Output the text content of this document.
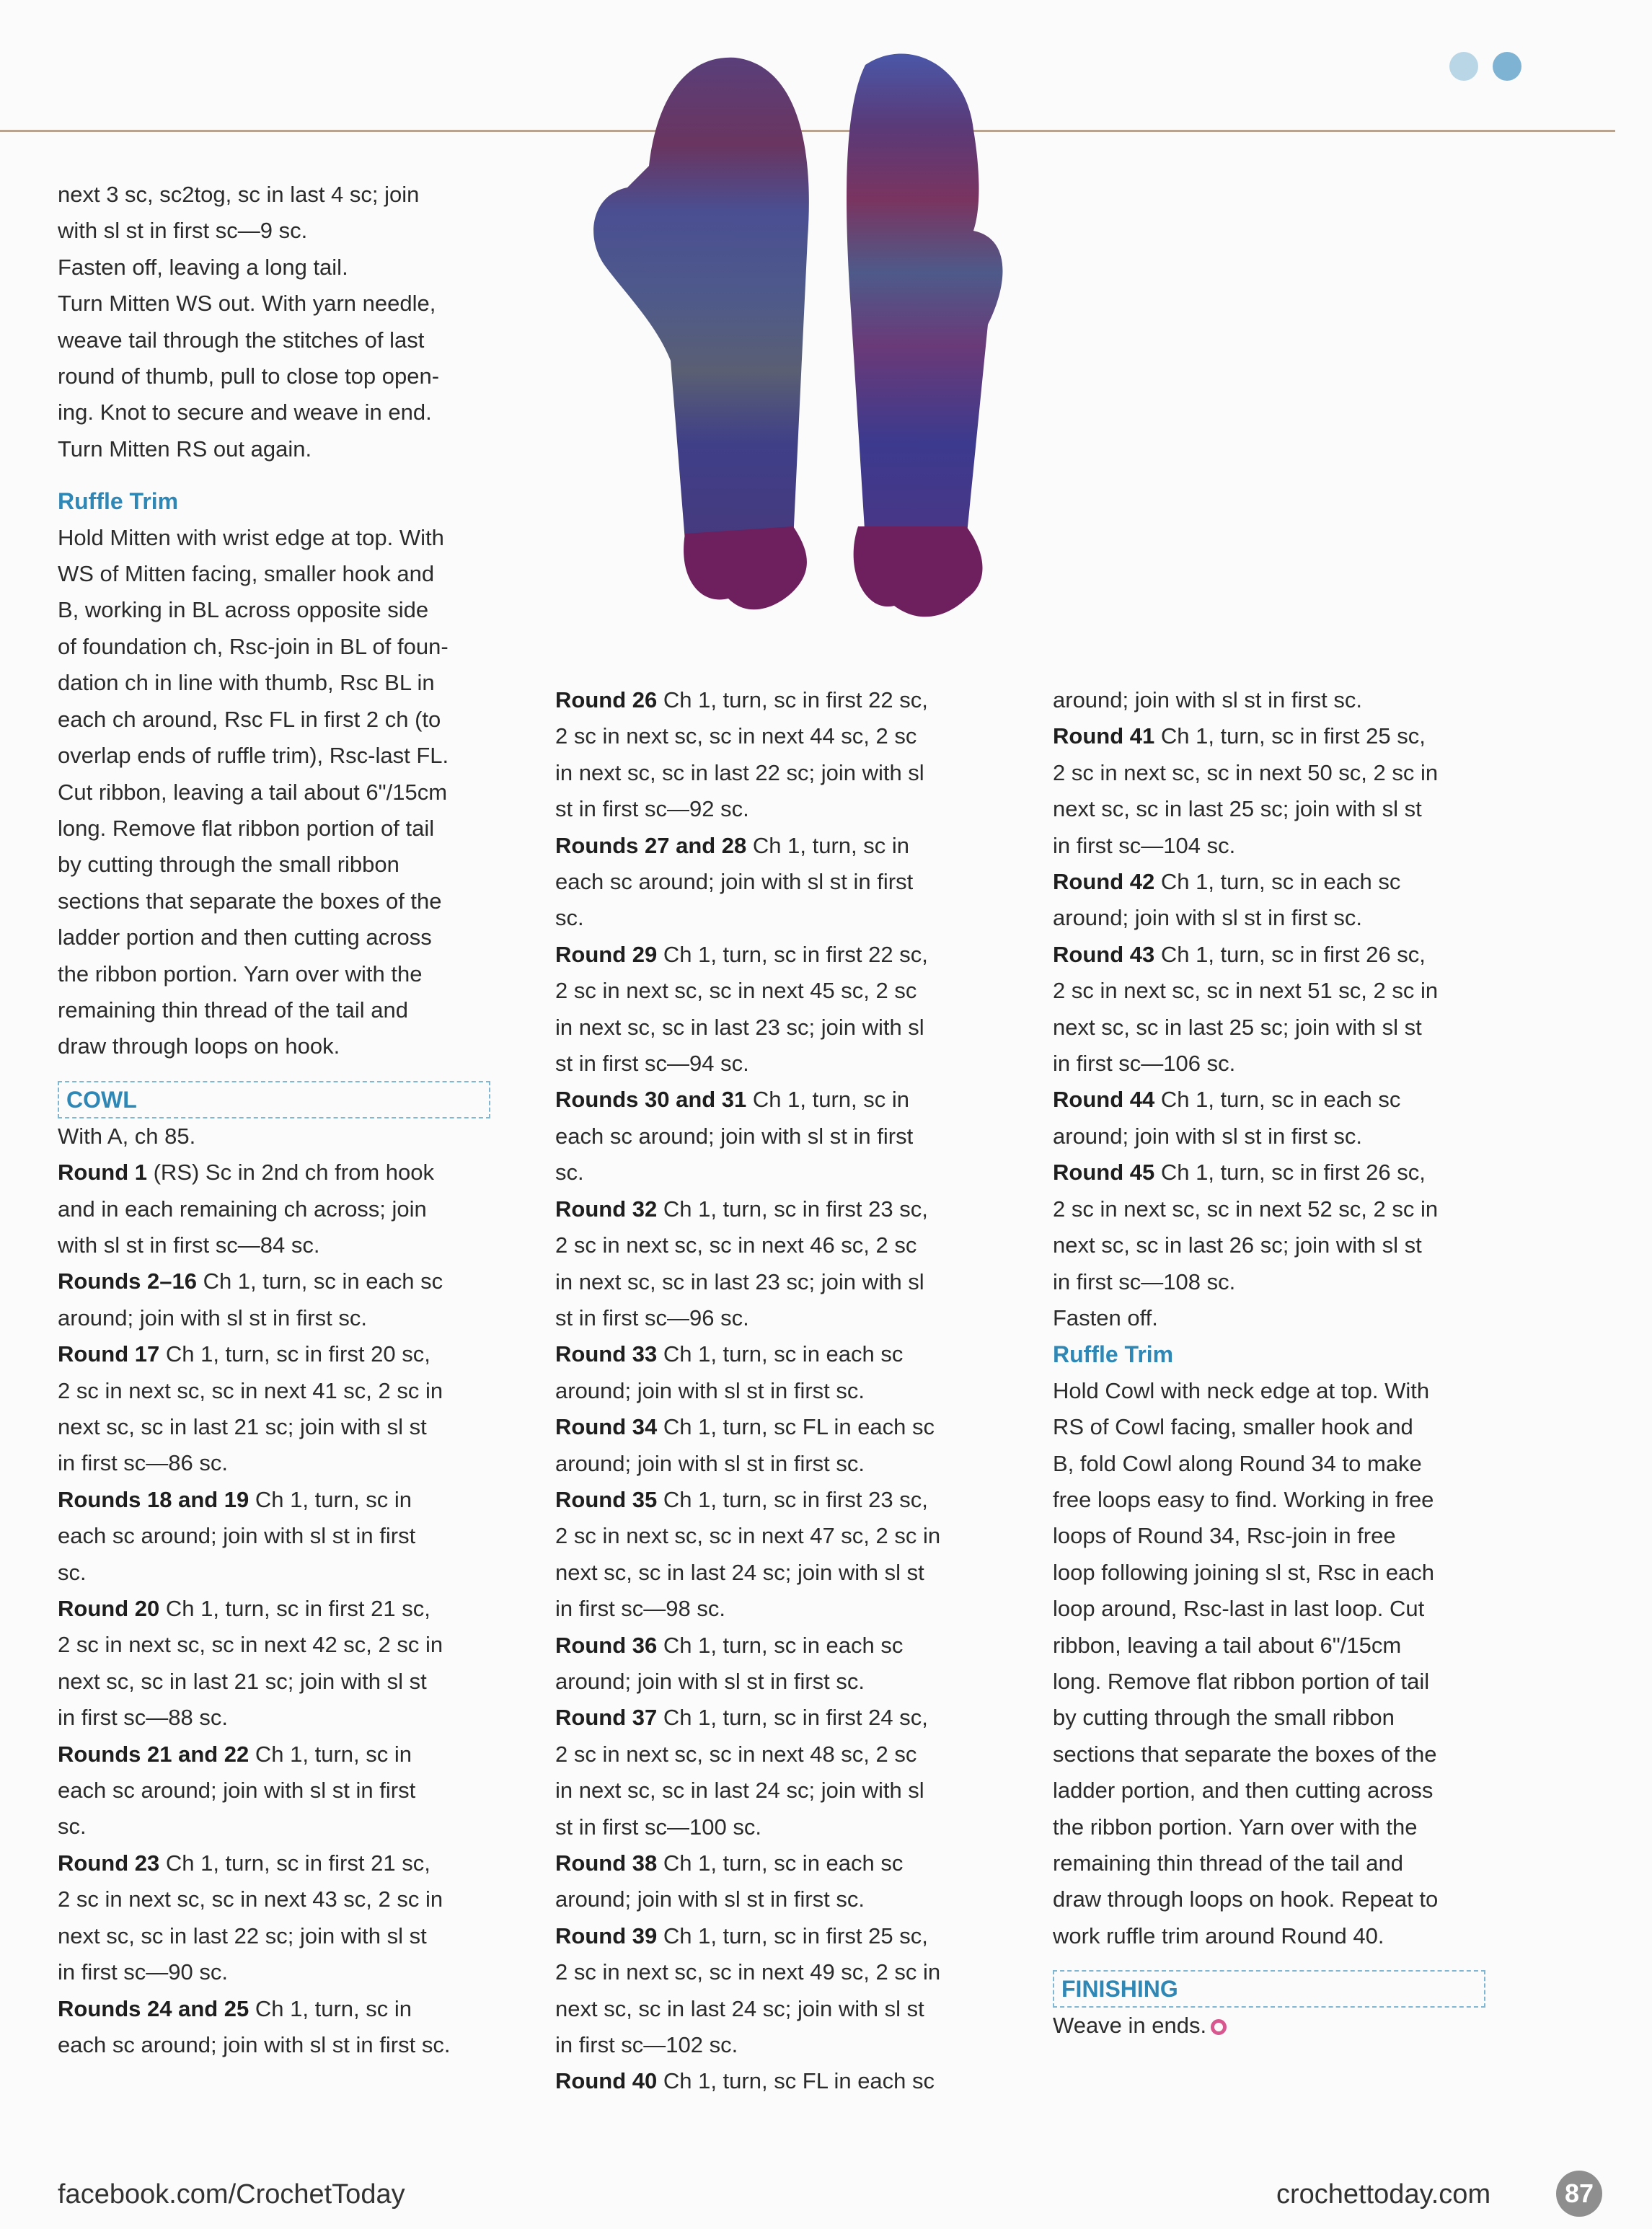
next 3 sc, sc2tog, sc in last 4 sc; join

with sl st in first sc—9 sc.

Fasten off, leaving a long tail.

Turn Mitten WS out. With yarn needle,

weave tail through the stitches of last

round of thumb, pull to close top open-

ing. Knot to secure and weave in end.

Turn Mitten RS out again.

Ruffle Trim

Hold Mitten with wrist edge at top. With

WS of Mitten facing, smaller hook and

B, working in BL across opposite side

of foundation ch, Rsc-join in BL of foun-

dation ch in line with thumb, Rsc BL in

each ch around, Rsc FL in first 2 ch (to

overlap ends of ruffle trim), Rsc-last FL.

Cut ribbon, leaving a tail about 6"/15cm

long. Remove flat ribbon portion of tail

by cutting through the small ribbon

sections that separate the boxes of the

ladder portion and then cutting across

the ribbon portion. Yarn over with the

remaining thin thread of the tail and

draw through loops on hook.

COWL

With A, ch 85.

Round 1 (RS) Sc in 2nd ch from hook

and in each remaining ch across; join

with sl st in first sc—84 sc.

Rounds 2–16 Ch 1, turn, sc in each sc

around; join with sl st in first sc.

Round 17 Ch 1, turn, sc in first 20 sc,

2 sc in next sc, sc in next 41 sc, 2 sc in

next sc, sc in last 21 sc; join with sl st

in first sc—86 sc.

Rounds 18 and 19 Ch 1, turn, sc in

each sc around; join with sl st in first

sc.

Round 20 Ch 1, turn, sc in first 21 sc,

2 sc in next sc, sc in next 42 sc, 2 sc in

next sc, sc in last 21 sc; join with sl st

in first sc—88 sc.

Rounds 21 and 22 Ch 1, turn, sc in

each sc around; join with sl st in first

sc.

Round 23 Ch 1, turn, sc in first 21 sc,

2 sc in next sc, sc in next 43 sc, 2 sc in

next sc, sc in last 22 sc; join with sl st

in first sc—90 sc.

Rounds 24 and 25 Ch 1, turn, sc in

each sc around; join with sl st in first sc.

Round 26 Ch 1, turn, sc in first 22 sc,

2 sc in next sc, sc in next 44 sc, 2 sc

in next sc, sc in last 22 sc; join with sl

st in first sc—92 sc.

Rounds 27 and 28 Ch 1, turn, sc in

each sc around; join with sl st in first

sc.

Round 29 Ch 1, turn, sc in first 22 sc,

2 sc in next sc, sc in next 45 sc, 2 sc

in next sc, sc in last 23 sc; join with sl

st in first sc—94 sc.

Rounds 30 and 31 Ch 1, turn, sc in

each sc around; join with sl st in first

sc.

Round 32 Ch 1, turn, sc in first 23 sc,

2 sc in next sc, sc in next 46 sc, 2 sc

in next sc, sc in last 23 sc; join with sl

st in first sc—96 sc.

Round 33 Ch 1, turn, sc in each sc

around; join with sl st in first sc.

Round 34 Ch 1, turn, sc FL in each sc

around; join with sl st in first sc.

Round 35 Ch 1, turn, sc in first 23 sc,

2 sc in next sc, sc in next 47 sc, 2 sc in

next sc, sc in last 24 sc; join with sl st

in first sc—98 sc.

Round 36 Ch 1, turn, sc in each sc

around; join with sl st in first sc.

Round 37 Ch 1, turn, sc in first 24 sc,

2 sc in next sc, sc in next 48 sc, 2 sc

in next sc, sc in last 24 sc; join with sl

st in first sc—100 sc.

Round 38 Ch 1, turn, sc in each sc

around; join with sl st in first sc.

Round 39 Ch 1, turn, sc in first 25 sc,

2 sc in next sc, sc in next 49 sc, 2 sc in

next sc, sc in last 24 sc; join with sl st

in first sc—102 sc.

Round 40 Ch 1, turn, sc FL in each sc

around; join with sl st in first sc.

Round 41 Ch 1, turn, sc in first 25 sc,

2 sc in next sc, sc in next 50 sc, 2 sc in

next sc, sc in last 25 sc; join with sl st

in first sc—104 sc.

Round 42 Ch 1, turn, sc in each sc

around; join with sl st in first sc.

Round 43 Ch 1, turn, sc in first 26 sc,

2 sc in next sc, sc in next 51 sc, 2 sc in

next sc, sc in last 25 sc; join with sl st

in first sc—106 sc.

Round 44 Ch 1, turn, sc in each sc

around; join with sl st in first sc.

Round 45 Ch 1, turn, sc in first 26 sc,

2 sc in next sc, sc in next 52 sc, 2 sc in

next sc, sc in last 26 sc; join with sl st

in first sc—108 sc.

Fasten off.

Ruffle Trim

Hold Cowl with neck edge at top. With

RS of Cowl facing, smaller hook and

B, fold Cowl along Round 34 to make

free loops easy to find. Working in free

loops of Round 34, Rsc-join in free

loop following joining sl st, Rsc in each

loop around, Rsc-last in last loop. Cut

ribbon, leaving a tail about 6"/15cm

long. Remove flat ribbon portion of tail

by cutting through the small ribbon

sections that separate the boxes of the

ladder portion, and then cutting across

the ribbon portion. Yarn over with the

remaining thin thread of the tail and

draw through loops on hook. Repeat to

work ruffle trim around Round 40.

FINISHING

Weave in ends.

facebook.com/CrochetToday	crochettoday.com	87
